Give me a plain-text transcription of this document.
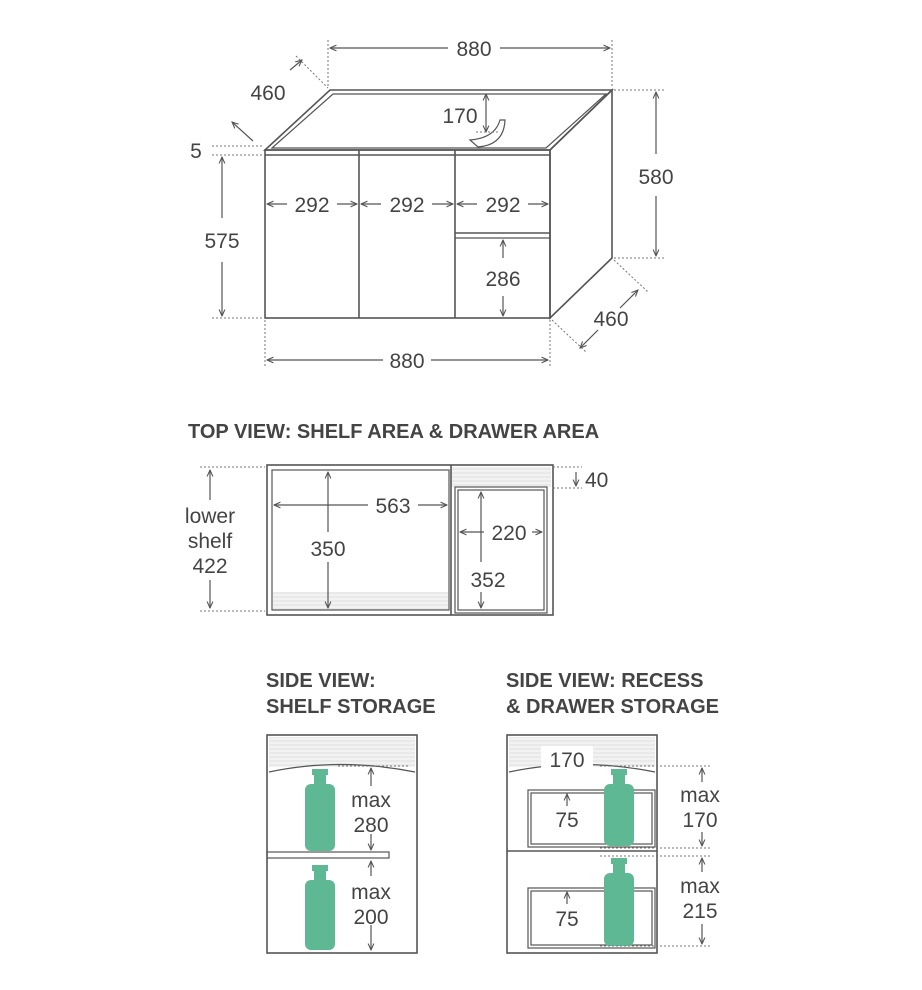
880
460
170
5
575
580
292	292	292
286
460
880
TOP VIEW: SHELF AREA & DRAWER AREA
563
350
220
352
40
lower
shelf
422
SIDE VIEW:
SHELF STORAGE
max
280
max
200
SIDE VIEW: RECESS
& DRAWER STORAGE
170
75
75
max
170
max
215
